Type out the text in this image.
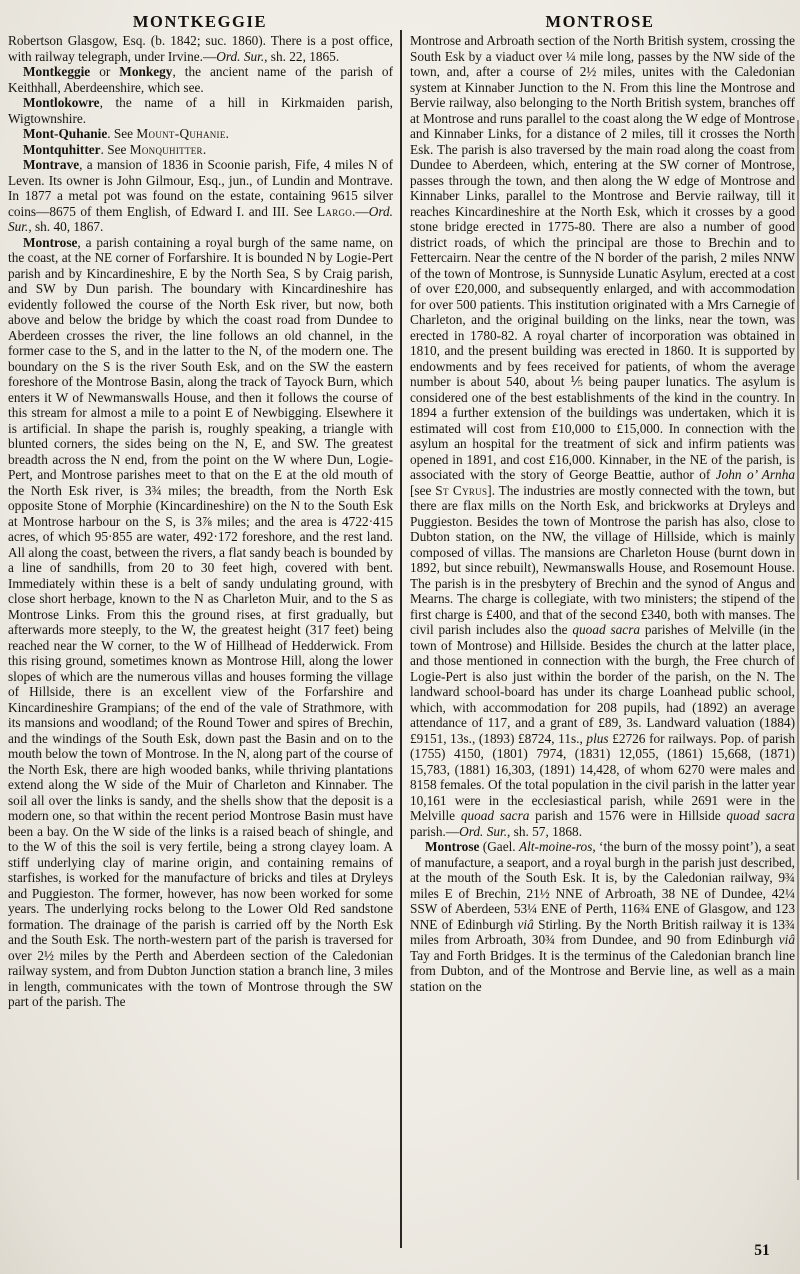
MONTKEGGIE	MONTROSE

Robertson Glasgow, Esq. (b. 1842; suc. 1860). There is a post office, with railway telegraph, under Irvine.—Ord. Sur., sh. 22, 1865.

Montkeggie or Monkegy, the ancient name of the parish of Keithhall, Aberdeenshire, which see.

Montlokowre, the name of a hill in Kirkmaiden parish, Wigtownshire.

Mont-Quhanie. See Mount-Quhanie.

Montquhitter. See Monquhitter.

Montrave, a mansion of 1836 in Scoonie parish, Fife, 4 miles N of Leven. Its owner is John Gilmour, Esq., jun., of Lundin and Montrave. In 1877 a metal pot was found on the estate, containing 9615 silver coins—8675 of them English, of Edward I. and III. See Largo.—Ord. Sur., sh. 40, 1867.

Montrose, a parish containing a royal burgh of the same name, on the coast, at the NE corner of Forfarshire. It is bounded N by Logie-Pert parish and by Kincardineshire, E by the North Sea, S by Craig parish, and SW by Dun parish. The boundary with Kincardineshire has evidently followed the course of the North Esk river, but now, both above and below the bridge by which the coast road from Dundee to Aberdeen crosses the river, the line follows an old channel, in the former case to the S, and in the latter to the N, of the modern one. The boundary on the S is the river South Esk, and on the SW the eastern foreshore of the Montrose Basin, along the track of Tayock Burn, which enters it W of Newmanswalls House, and then it follows the course of this stream for almost a mile to a point E of Newbigging. Elsewhere it is artificial. In shape the parish is, roughly speaking, a triangle with blunted corners, the sides being on the N, E, and SW. The greatest breadth across the N end, from the point on the W where Dun, Logie-Pert, and Montrose parishes meet to that on the E at the old mouth of the North Esk river, is 3¾ miles; the breadth, from the North Esk opposite Stone of Morphie (Kincardineshire) on the N to the South Esk at Montrose harbour on the S, is 3⅞ miles; and the area is 4722·415 acres, of which 95·855 are water, 492·172 foreshore, and the rest land. All along the coast, between the rivers, a flat sandy beach is bounded by a line of sandhills, from 20 to 30 feet high, covered with bent. Immediately within these is a belt of sandy undulating ground, with close short herbage, known to the N as Charleton Muir, and to the S as Montrose Links. From this the ground rises, at first gradually, but afterwards more steeply, to the W, the greatest height (317 feet) being reached near the W corner, to the W of Hillhead of Hedderwick. From this rising ground, sometimes known as Montrose Hill, along the lower slopes of which are the numerous villas and houses forming the village of Hillside, there is an excellent view of the Forfarshire and Kincardineshire Grampians; of the end of the vale of Strathmore, with its mansions and woodland; of the Round Tower and spires of Brechin, and the windings of the South Esk, down past the Basin and on to the mouth below the town of Montrose. In the N, along part of the course of the North Esk, there are high wooded banks, while thriving plantations extend along the W side of the Muir of Charleton and Kinnaber. The soil all over the links is sandy, and the shells show that the deposit is a modern one, so that within the recent period Montrose Basin must have been a bay. On the W side of the links is a raised beach of shingle, and to the W of this the soil is very fertile, being a strong clayey loam. A stiff underlying clay of marine origin, and containing remains of starfishes, is worked for the manufacture of bricks and tiles at Dryleys and Puggieston. The former, however, has now been worked for some years. The underlying rocks belong to the Lower Old Red sandstone formation. The drainage of the parish is carried off by the North Esk and the South Esk. The north-western part of the parish is traversed for over 2½ miles by the Perth and Aberdeen section of the Caledonian railway system, and from Dubton Junction station a branch line, 3 miles in length, communicates with the town of Montrose through the SW part of the parish. The

Montrose and Arbroath section of the North British system, crossing the South Esk by a viaduct over ¼ mile long, passes by the NW side of the town, and, after a course of 2½ miles, unites with the Caledonian system at Kinnaber Junction to the N. From this line the Montrose and Bervie railway, also belonging to the North British system, branches off at Montrose and runs parallel to the coast along the W edge of Montrose and Kinnaber Links, for a distance of 2 miles, till it crosses the North Esk. The parish is also traversed by the main road along the coast from Dundee to Aberdeen, which, entering at the SW corner of Montrose, passes through the town, and then along the W edge of Montrose and Kinnaber Links, parallel to the Montrose and Bervie railway, till it reaches Kincardineshire at the North Esk, which it crosses by a good stone bridge erected in 1775-80. There are also a number of good district roads, of which the principal are those to Brechin and to Fettercairn. Near the centre of the N border of the parish, 2 miles NNW of the town of Montrose, is Sunnyside Lunatic Asylum, erected at a cost of over £20,000, and subsequently enlarged, and with accommodation for over 500 patients. This institution originated with a Mrs Carnegie of Charleton, and the original building on the links, near the town, was erected in 1780-82. A royal charter of incorporation was obtained in 1810, and the present building was erected in 1860. It is supported by endowments and by fees received for patients, of whom the average number is about 540, about ⅕ being pauper lunatics. The asylum is considered one of the best establishments of the kind in the country. In 1894 a further extension of the buildings was undertaken, which it is estimated will cost from £10,000 to £15,000. In connection with the asylum an hospital for the treatment of sick and infirm patients was opened in 1891, and cost £16,000. Kinnaber, in the NE of the parish, is associated with the story of George Beattie, author of John o’ Arnha [see St Cyrus]. The industries are mostly connected with the town, but there are flax mills on the North Esk, and brickworks at Dryleys and Puggieston. Besides the town of Montrose the parish has also, close to Dubton station, on the NW, the village of Hillside, which is mainly composed of villas. The mansions are Charleton House (burnt down in 1892, but since rebuilt), Newmanswalls House, and Rosemount House. The parish is in the presbytery of Brechin and the synod of Angus and Mearns. The charge is collegiate, with two ministers; the stipend of the first charge is £400, and that of the second £340, both with manses. The civil parish includes also the quoad sacra parishes of Melville (in the town of Montrose) and Hillside. Besides the church at the latter place, and those mentioned in connection with the burgh, the Free church of Logie-Pert is also just within the border of the parish, on the N. The landward school-board has under its charge Loanhead public school, which, with accommodation for 208 pupils, had (1892) an average attendance of 117, and a grant of £89, 3s. Landward valuation (1884) £9151, 13s., (1893) £8724, 11s., plus £2726 for railways. Pop. of parish (1755) 4150, (1801) 7974, (1831) 12,055, (1861) 15,668, (1871) 15,783, (1881) 16,303, (1891) 14,428, of whom 6270 were males and 8158 females. Of the total population in the civil parish in the latter year 10,161 were in the ecclesiastical parish, while 2691 were in the Melville quoad sacra parish and 1576 were in Hillside quoad sacra parish.—Ord. Sur., sh. 57, 1868.

Montrose (Gael. Alt-moine-ros, ‘the burn of the mossy point’), a seat of manufacture, a seaport, and a royal burgh in the parish just described, at the mouth of the South Esk. It is, by the Caledonian railway, 9¾ miles E of Brechin, 21½ NNE of Arbroath, 38 NE of Dundee, 42¼ SSW of Aberdeen, 53¼ ENE of Perth, 116¾ ENE of Glasgow, and 123 NNE of Edinburgh viâ Stirling. By the North British railway it is 13¾ miles from Arbroath, 30¾ from Dundee, and 90 from Edinburgh viâ Tay and Forth Bridges. It is the terminus of the Caledonian branch line from Dubton, and of the Montrose and Bervie line, as well as a main station on the

51
